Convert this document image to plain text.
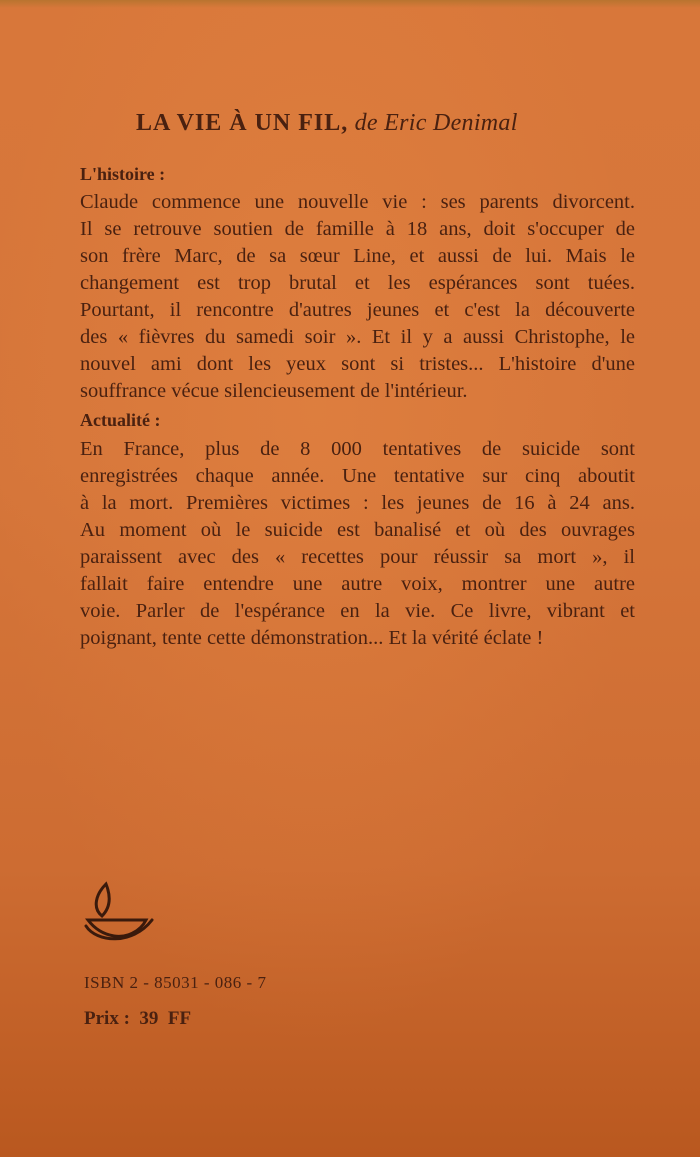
LA VIE À UN FIL, de Eric Denimal
L'histoire :
Claude commence une nouvelle vie : ses parents divorcent.
Il se retrouve soutien de famille à 18 ans, doit s'occuper de
son frère Marc, de sa sœur Line, et aussi de lui. Mais le
changement est trop brutal et les espérances sont tuées.
Pourtant, il rencontre d'autres jeunes et c'est la découverte
des « fièvres du samedi soir ». Et il y a aussi Christophe, le
nouvel ami dont les yeux sont si tristes... L'histoire d'une
souffrance vécue silencieusement de l'intérieur.
Actualité :
En France, plus de 8 000 tentatives de suicide sont
enregistrées chaque année. Une tentative sur cinq aboutit
à la mort. Premières victimes : les jeunes de 16 à 24 ans.
Au moment où le suicide est banalisé et où des ouvrages
paraissent avec des « recettes pour réussir sa mort », il
fallait faire entendre une autre voix, montrer une autre
voie. Parler de l'espérance en la vie. Ce livre, vibrant et
poignant, tente cette démonstration... Et la vérité éclate !
ISBN 2 - 85031 - 086 - 7
Prix :  39  FF
